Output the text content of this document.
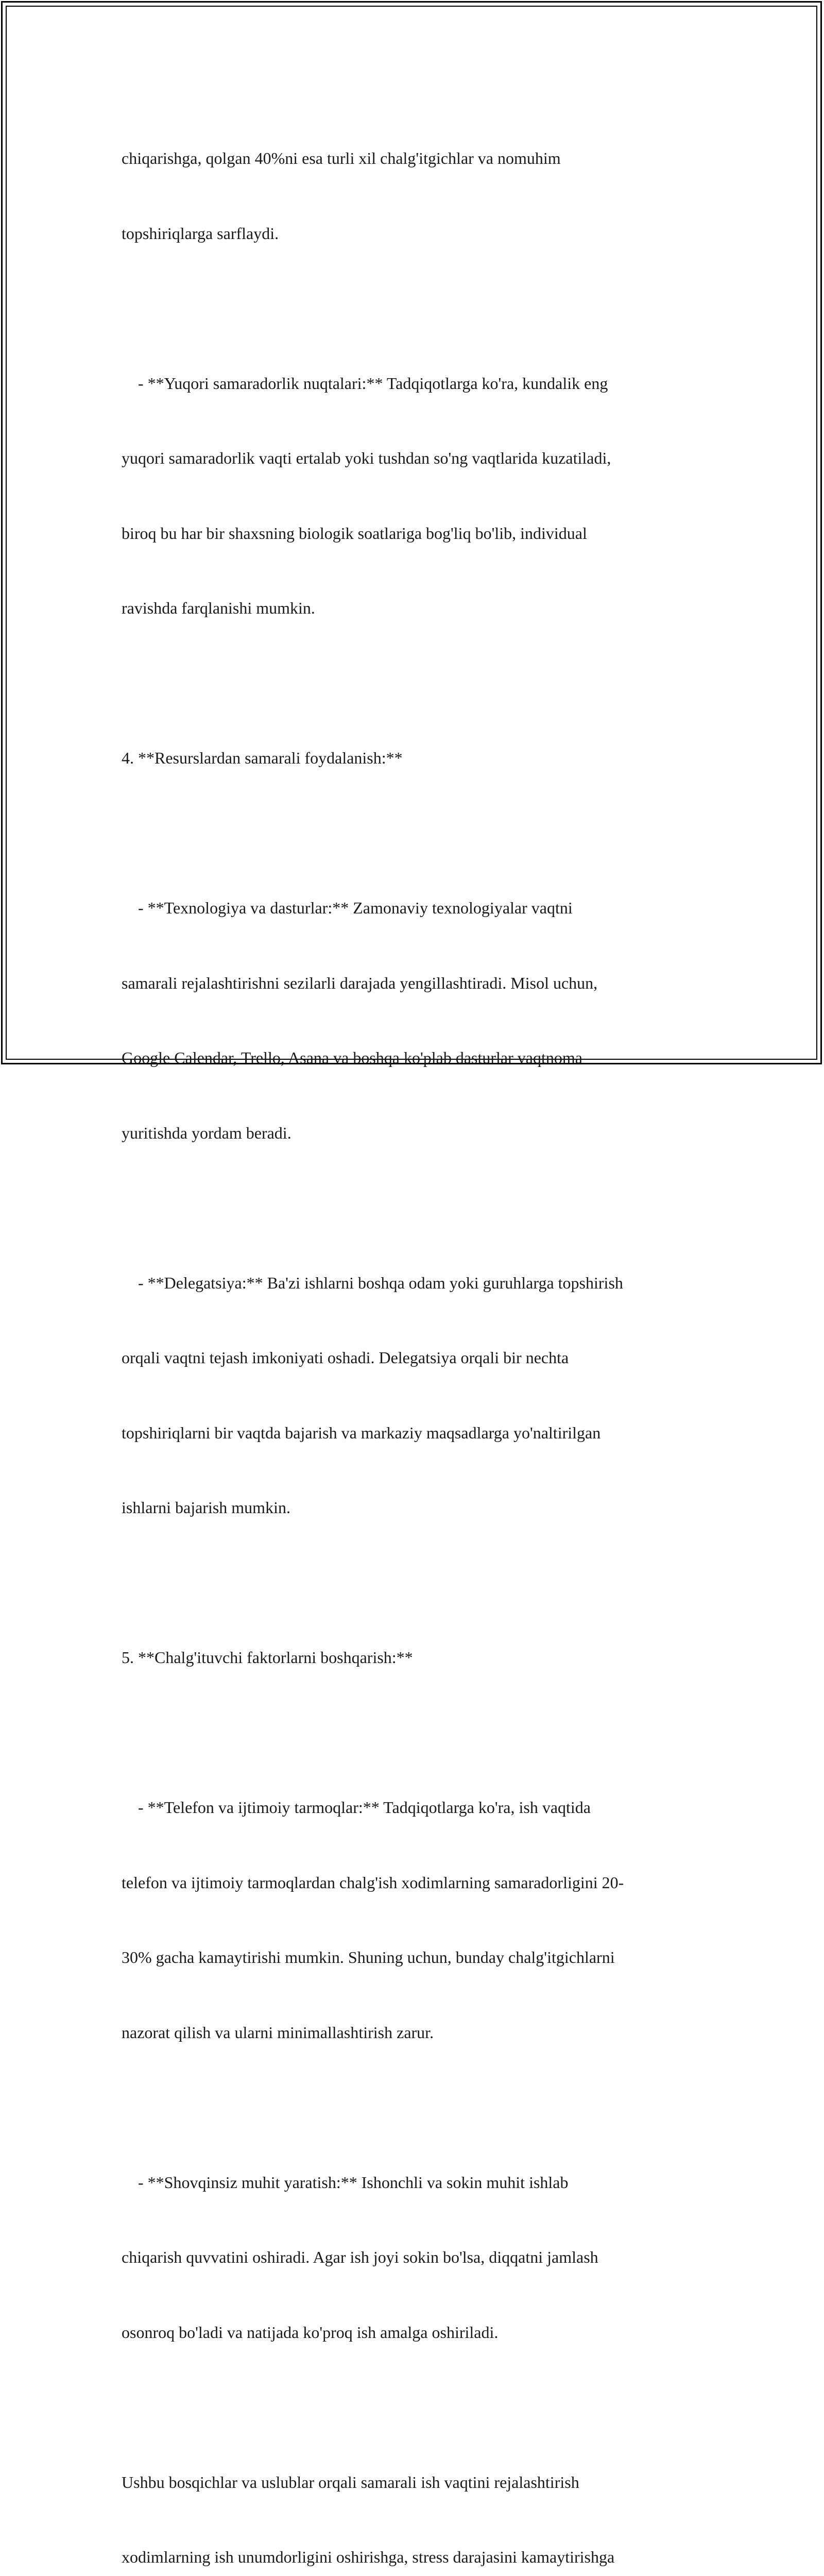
chiqarishga, qolgan 40%ni esa turli xil chalg'itgichlar va nomuhim

topshiriqlarga sarflaydi.

- **Yuqori samaradorlik nuqtalari:** Tadqiqotlarga ko'ra, kundalik eng

yuqori samaradorlik vaqti ertalab yoki tushdan so'ng vaqtlarida kuzatiladi,

biroq bu har bir shaxsning biologik soatlariga bog'liq bo'lib, individual

ravishda farqlanishi mumkin.

4. **Resurslardan samarali foydalanish:**

- **Texnologiya va dasturlar:** Zamonaviy texnologiyalar vaqtni

samarali rejalashtirishni sezilarli darajada yengillashtiradi. Misol uchun,

Google Calendar, Trello, Asana va boshqa ko'plab dasturlar vaqtnoma

yuritishda yordam beradi.

- **Delegatsiya:** Ba'zi ishlarni boshqa odam yoki guruhlarga topshirish

orqali vaqtni tejash imkoniyati oshadi. Delegatsiya orqali bir nechta

topshiriqlarni bir vaqtda bajarish va markaziy maqsadlarga yo'naltirilgan

ishlarni bajarish mumkin.

5. **Chalg'ituvchi faktorlarni boshqarish:**

- **Telefon va ijtimoiy tarmoqlar:** Tadqiqotlarga ko'ra, ish vaqtida

telefon va ijtimoiy tarmoqlardan chalg'ish xodimlarning samaradorligini 20-

30% gacha kamaytirishi mumkin. Shuning uchun, bunday chalg'itgichlarni

nazorat qilish va ularni minimallashtirish zarur.

- **Shovqinsiz muhit yaratish:** Ishonchli va sokin muhit ishlab

chiqarish quvvatini oshiradi. Agar ish joyi sokin bo'lsa, diqqatni jamlash

osonroq bo'ladi va natijada ko'proq ish amalga oshiriladi.

Ushbu bosqichlar va uslublar orqali samarali ish vaqtini rejalashtirish

xodimlarning ish unumdorligini oshirishga, stress darajasini kamaytirishga
